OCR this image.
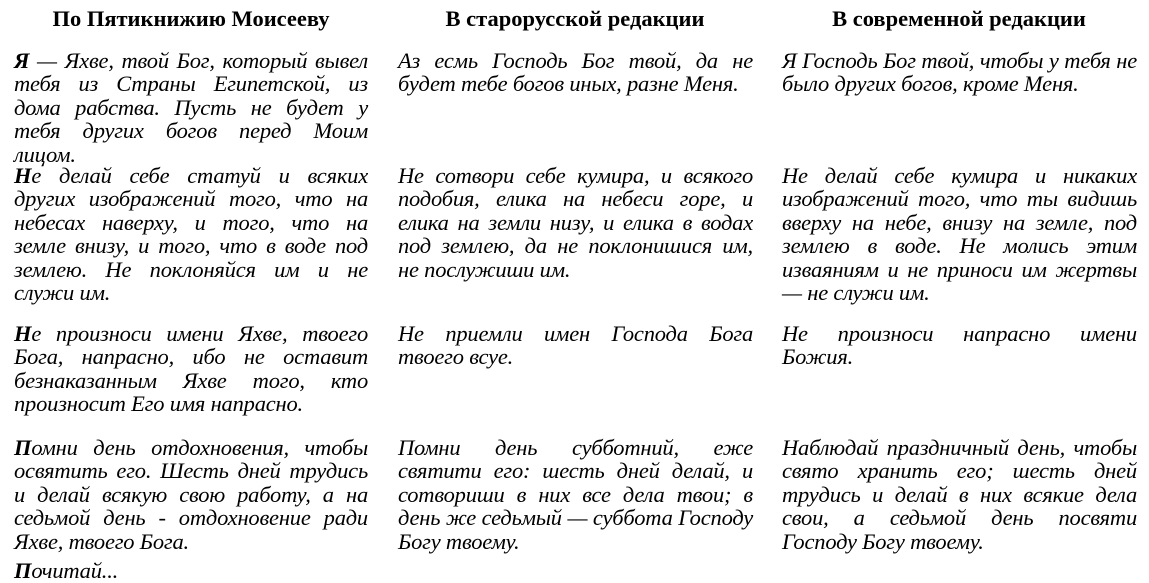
По Пятикнижию Моисееву	В старорусской редакции	В современной редакции

Я — Яхве, твой Бог, который вывел тебя из Страны Египетской, из дома рабства. Пусть не будет у тебя других богов перед Моим лицом.

Аз есмь Господь Бог твой, да не будет тебе богов иных, разне Меня.
Я Господь Бог твой, чтобы у тебя не было других богов, кроме Меня.

Не делай себе статуй и всяких других изображений того, что на небесах наверху, и того, что на земле внизу, и того, что в воде под землею. Не поклоняйся им и не служи им.

Не сотвори себе кумира, и всякого подобия, елика на небеси горе, и елика на земли низу, и елика в водах под землею, да не поклонишися им, не послужиши им.
Не делай себе кумира и никаких изображений того, что ты видишь вверху на небе, внизу на земле, под землею в воде. Не молись этим изваяниям и не приноси им жертвы — не служи им.

Не произноси имени Яхве, твоего Бога, напрасно, ибо не оставит безнаказанным Яхве того, кто произносит Его имя напрасно.

Не приемли имен Господа Бога твоего всуе.
Не произноси напрасно имени Божия.

Помни день отдохновения, чтобы освятить его. Шесть дней трудись и делай всякую свою работу, а на седьмой день - отдохновение ради Яхве, твоего Бога.

Помни день субботний, еже святити его: шесть дней делай, и сотвориши в них все дела твои; в день же седьмый — суббота Господу Богу твоему.
Наблюдай праздничный день, чтобы свято хранить его; шесть дней трудись и делай в них всякие дела свои, а седьмой день посвяти Господу Богу твоему.

Почитай...
